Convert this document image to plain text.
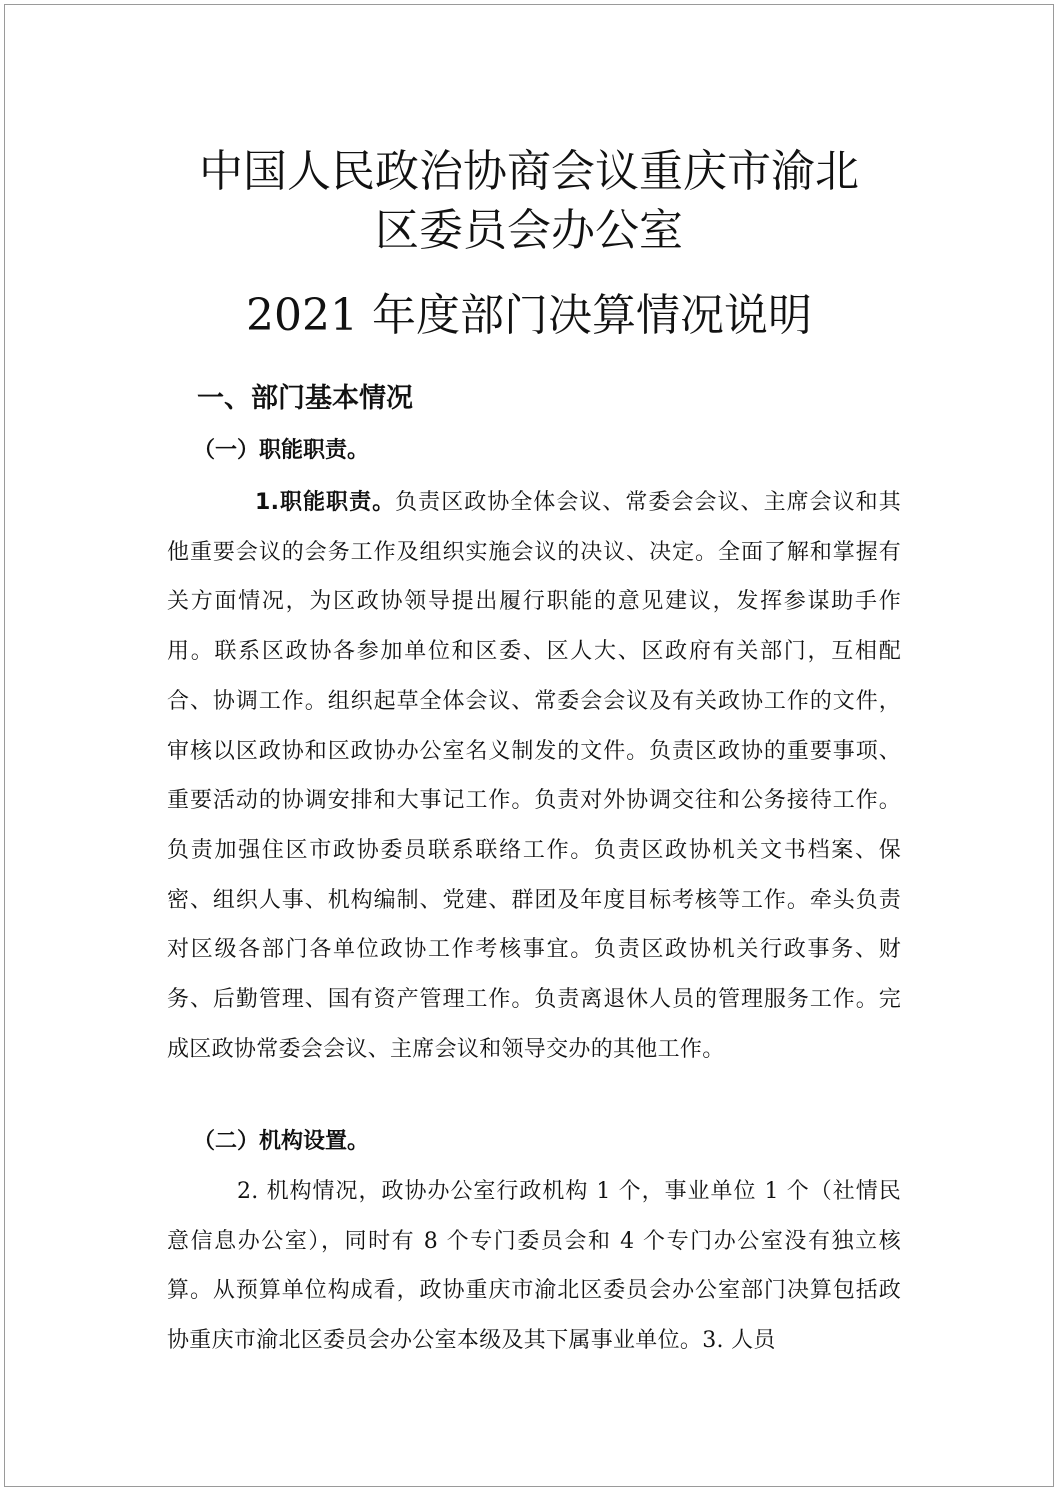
中国人民政治协商会议重庆市渝北
区委员会办公室
2021 年度部门决算情况说明
一、部门基本情况
（一）职能职责。

1.职能职责。负责区政协全体会议、常委会会议、主席会议和其他重要会议的会务工作及组织实施会议的决议、决定。全面了解和掌握有关方面情况，为区政协领导提出履行职能的意见建议，发挥参谋助手作用。联系区政协各参加单位和区委、区人大、区政府有关部门，互相配合、协调工作。组织起草全体会议、常委会会议及有关政协工作的文件，审核以区政协和区政协办公室名义制发的文件。负责区政协的重要事项、重要活动的协调安排和大事记工作。负责对外协调交往和公务接待工作。负责加强住区市政协委员联系联络工作。负责区政协机关文书档案、保密、组织人事、机构编制、党建、群团及年度目标考核等工作。牵头负责对区级各部门各单位政协工作考核事宜。负责区政协机关行政事务、财务、后勤管理、国有资产管理工作。负责离退休人员的管理服务工作。完成区政协常委会会议、主席会议和领导交办的其他工作。

（二）机构设置。

2. 机构情况，政协办公室行政机构 1 个，事业单位 1 个（社情民意信息办公室），同时有 8 个专门委员会和 4 个专门办公室没有独立核算。从预算单位构成看，政协重庆市渝北区委员会办公室部门决算包括政协重庆市渝北区委员会办公室本级及其下属事业单位。3. 人员
